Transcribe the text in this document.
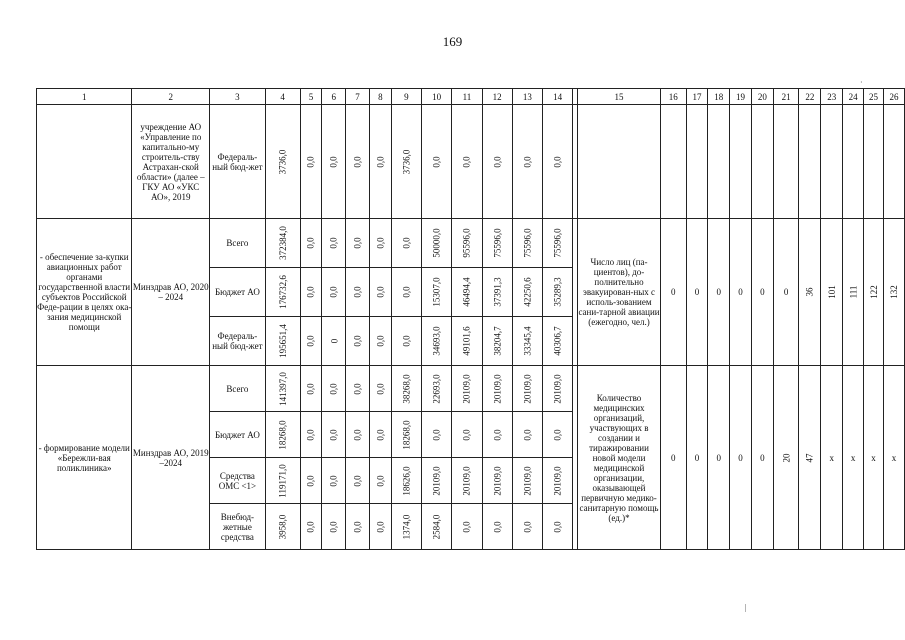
169
1	2	3	4	5	6	7	8	9	10	11	12	13	14		15	16	17	18	19	20	21	22	23	24	25	26
	учреждение АО «Управление по капитально-му строитель-ству Астрахан-ской области» (далее – ГКУ АО «УКС АО», 2019	Федераль-ный бюд-жет	3736,0	0,0	0,0	0,0	0,0	3736,0	0,0	0,0	0,0	0,0	0,0													
- обеспечение за-купки авиационных работ органами государственной власти субъектов Российской Феде-рации в целях ока-зания медицинской помощи	Минздрав АО, 2020 – 2024	Всего	372384,0	0,0	0,0	0,0	0,0	0,0	50000,0	95596,0	75596,0	75596,0	75596,0		Число лиц (па-циентов), до-полнительно эвакуирован-ных с исполь-зованием сани-тарной авиации (ежегодно, чел.)	0	0	0	0	0	0	36	101	111	122	132
		Бюджет АО	176732,6	0,0	0,0	0,0	0,0	0,0	15307,0	46494,4	37391,3	42250,6	35289,3													
		Федераль-ный бюд-жет	195651,4	0,0	0	0,0	0,0	0,0	34693,0	49101,6	38204,7	33345,4	40306,7													
- формирование модели «Бережли-вая поликлиника»	Минздрав АО, 2019 –2024	Всего	141397,0	0,0	0,0	0,0	0,0	38268,0	22693,0	20109,0	20109,0	20109,0	20109,0		Количество медицинских организаций, участвующих в создании и тиражировании новой модели медицинской организации, оказывающей первичную медико-санитарную помощь (ед.)*	0	0	0	0	0	20	47	x	x	x	x
		Бюджет АО	18268,0	0,0	0,0	0,0	0,0	18268,0	0,0	0,0	0,0	0,0	0,0													
		Средства ОМС <1>	119171,0	0,0	0,0	0,0	0,0	18626,0	20109,0	20109,0	20109,0	20109,0	20109,0													
		Внебюд-жетные средства	3958,0	0,0	0,0	0,0	0,0	1374,0	2584,0	0,0	0,0	0,0	0,0													
·
|
